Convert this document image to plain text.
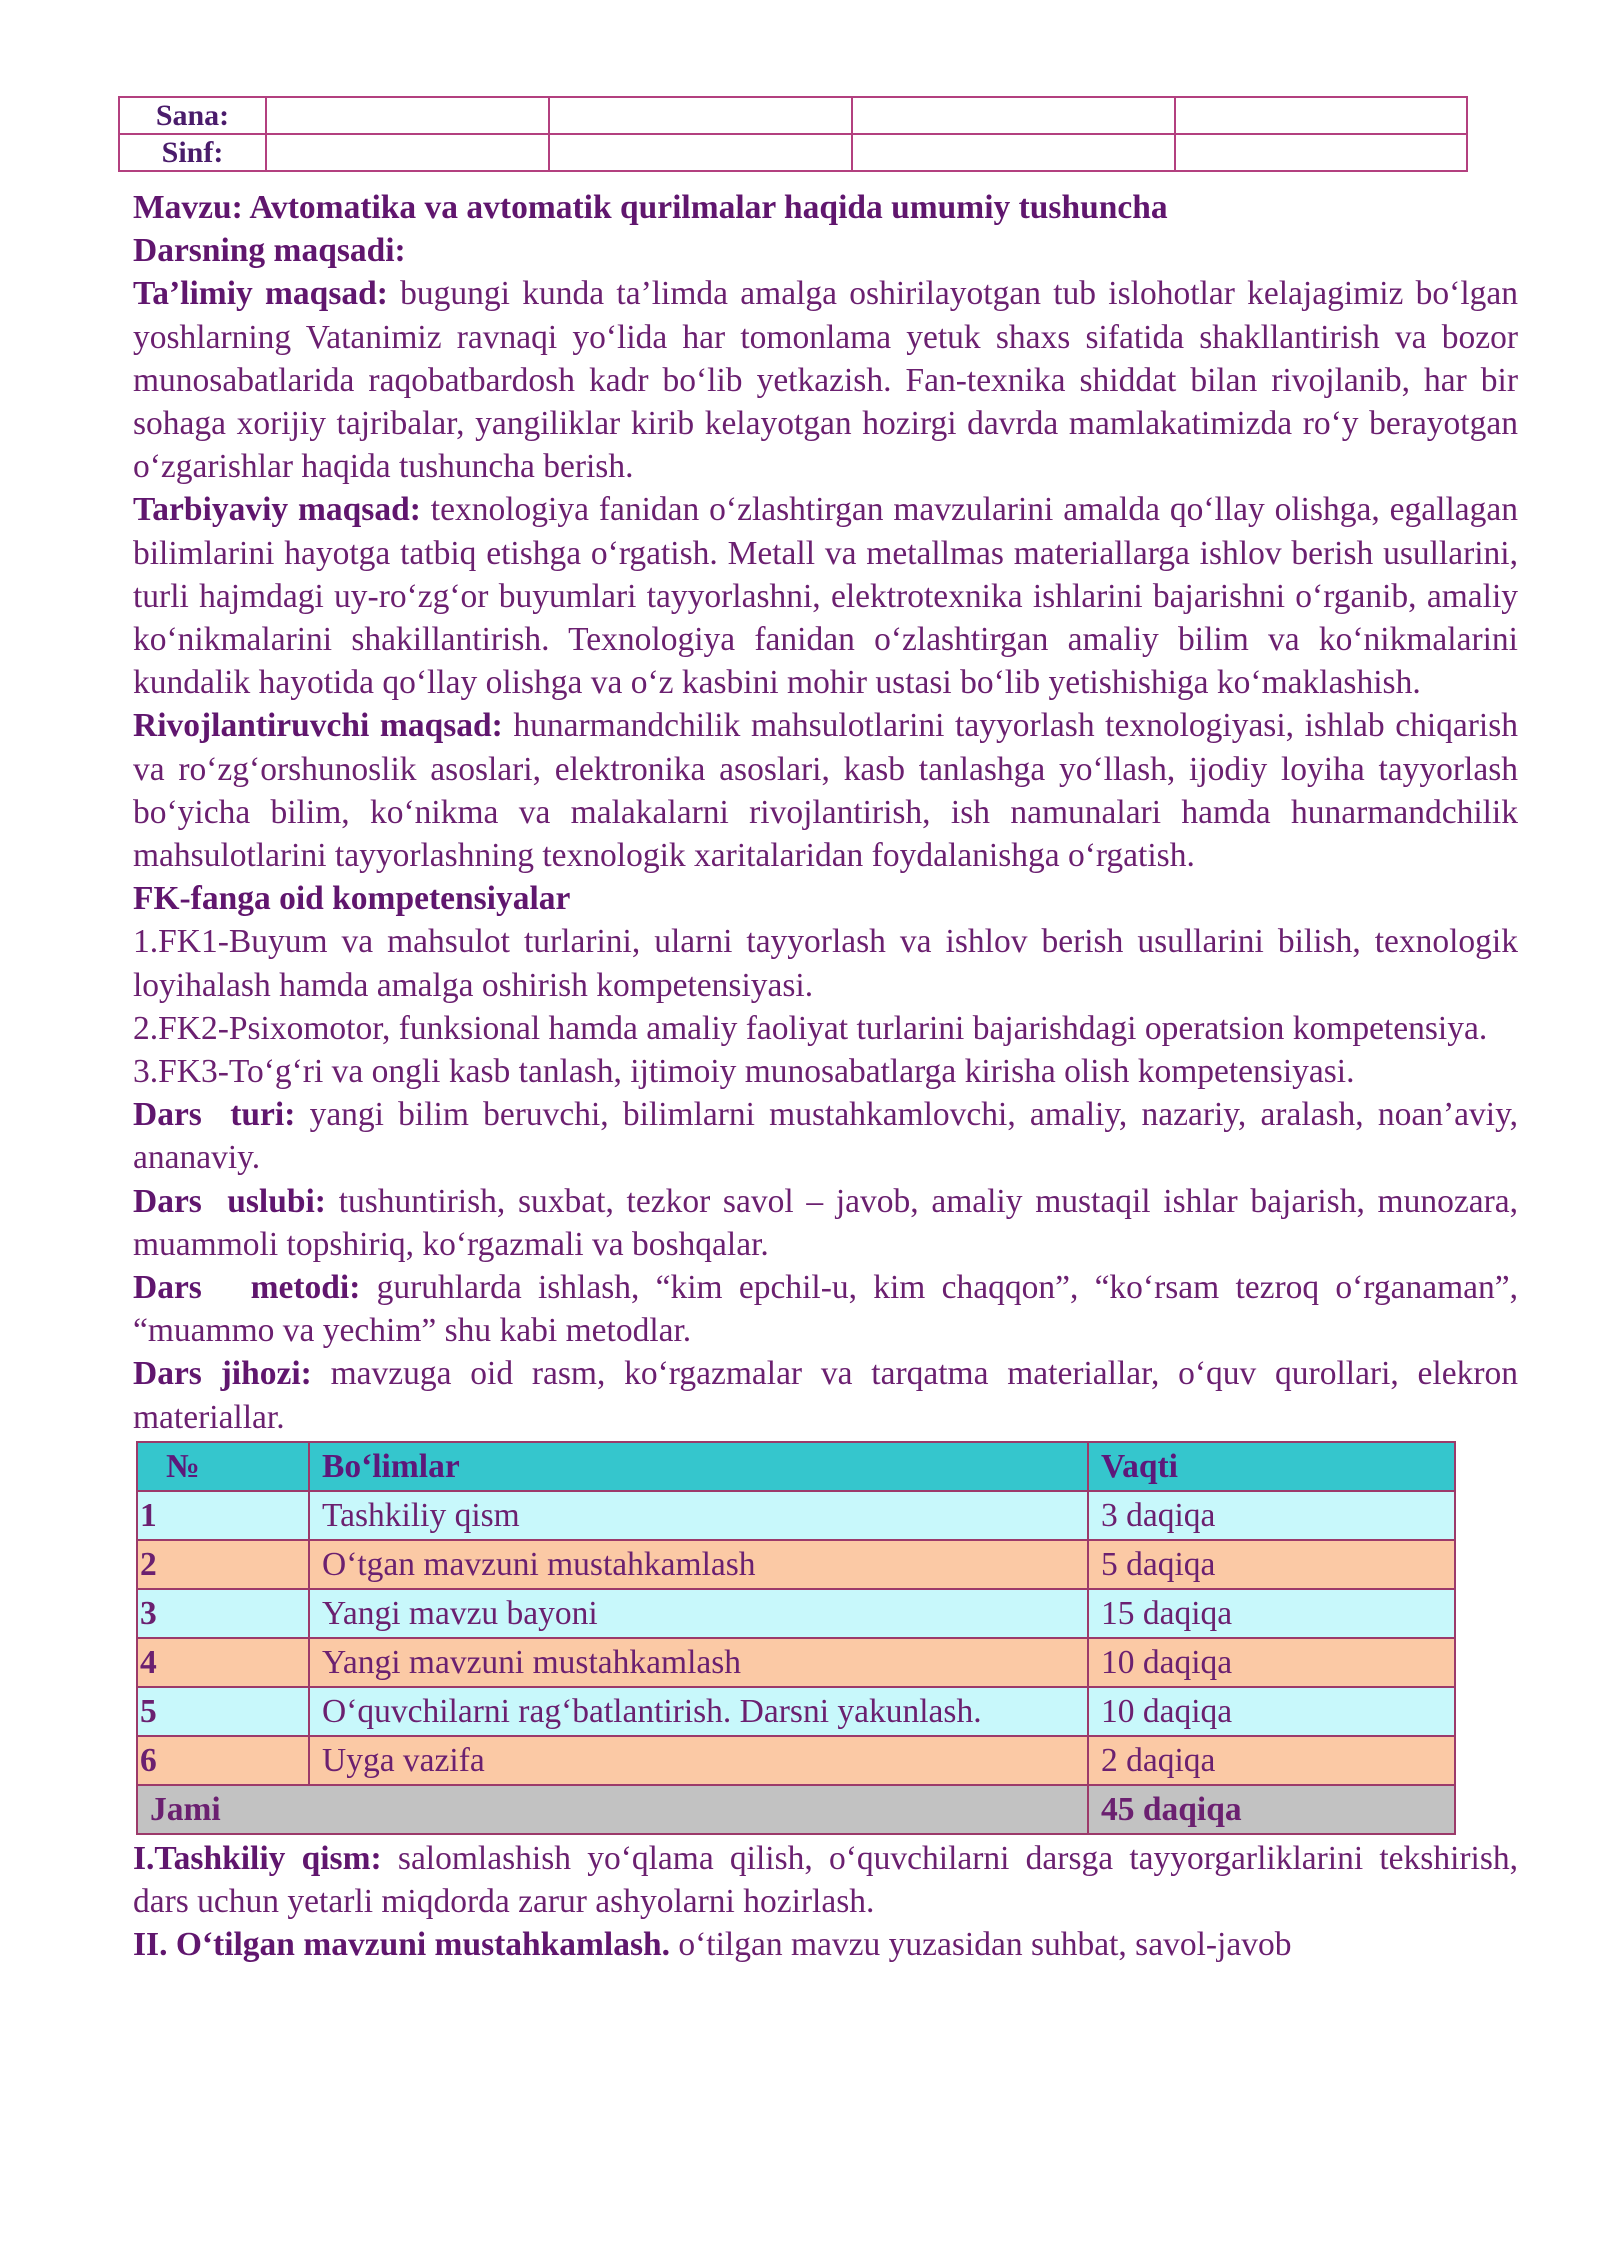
Sana:				
Sinf:				

Mavzu: Avtomatika va avtomatik qurilmalar haqida umumiy tushuncha

Darsning maqsadi:

Ta’limiy maqsad: bugungi kunda ta’limda amalga oshirilayotgan tub islohotlar kelajagimiz bo‘lgan yoshlarning Vatanimiz ravnaqi yo‘lida har tomonlama yetuk shaxs sifatida shakllantirish va bozor munosabatlarida raqobatbardosh kadr bo‘lib yetkazish. Fan-texnika shiddat bilan rivojlanib, har bir sohaga xorijiy tajribalar, yangiliklar kirib kelayotgan hozirgi davrda mamlakatimizda ro‘y berayotgan o‘zgarishlar haqida tushuncha berish.

Tarbiyaviy maqsad: texnologiya fanidan o‘zlashtirgan mavzularini amalda qo‘llay olishga, egallagan bilimlarini hayotga tatbiq etishga o‘rgatish. Metall va metallmas materiallarga ishlov berish usullarini, turli hajmdagi uy-ro‘zg‘or buyumlari tayyorlashni, elektrotexnika ishlarini bajarishni o‘rganib, amaliy ko‘nikmalarini shakillantirish. Texnologiya fanidan o‘zlashtirgan amaliy bilim va ko‘nikmalarini kundalik hayotida qo‘llay olishga va o‘z kasbini mohir ustasi bo‘lib yetishishiga ko‘maklashish.

Rivojlantiruvchi maqsad: hunarmandchilik mahsulotlarini tayyorlash texnologiyasi, ishlab chiqarish va ro‘zg‘orshunoslik asoslari, elektronika asoslari, kasb tanlashga yo‘llash, ijodiy loyiha tayyorlash bo‘yicha bilim, ko‘nikma va malakalarni rivojlantirish, ish namunalari hamda hunarmandchilik mahsulotlarini tayyorlashning texnologik xaritalaridan foydalanishga o‘rgatish.

FK-fanga oid kompetensiyalar

1.FK1-Buyum va mahsulot turlarini, ularni tayyorlash va ishlov berish usullarini bilish, texnologik loyihalash hamda amalga oshirish kompetensiyasi.

2.FK2-Psixomotor, funksional hamda amaliy faoliyat turlarini bajarishdagi operatsion kompetensiya.

3.FK3-To‘g‘ri va ongli kasb tanlash, ijtimoiy munosabatlarga kirisha olish kompetensiyasi.

Dars  turi: yangi bilim beruvchi, bilimlarni mustahkamlovchi, amaliy, nazariy, aralash, noan’aviy, ananaviy.

Dars  uslubi: tushuntirish, suxbat, tezkor savol – javob, amaliy mustaqil ishlar bajarish, munozara, muammoli topshiriq, ko‘rgazmali va boshqalar.

Dars   metodi: guruhlarda ishlash, “kim epchil-u, kim chaqqon”, “ko‘rsam tezroq o‘rganaman”, “muammo va yechim” shu kabi metodlar.

Dars jihozi: mavzuga oid rasm, ko‘rgazmalar va tarqatma materiallar, o‘quv qurollari, elekron materiallar.

№	Bo‘limlar	Vaqti
1	Tashkiliy qism	3 daqiqa
2	O‘tgan mavzuni mustahkamlash	5 daqiqa
3	Yangi mavzu bayoni	15 daqiqa
4	Yangi mavzuni mustahkamlash	10 daqiqa
5	O‘quvchilarni rag‘batlantirish. Darsni yakunlash.	10 daqiqa
6	Uyga vazifa	2 daqiqa
Jami		45 daqiqa

I.Tashkiliy qism: salomlashish yo‘qlama qilish, o‘quvchilarni darsga tayyorgarliklarini tekshirish, dars uchun yetarli miqdorda zarur ashyolarni hozirlash.

II. O‘tilgan mavzuni mustahkamlash. o‘tilgan mavzu yuzasidan suhbat, savol-javob
